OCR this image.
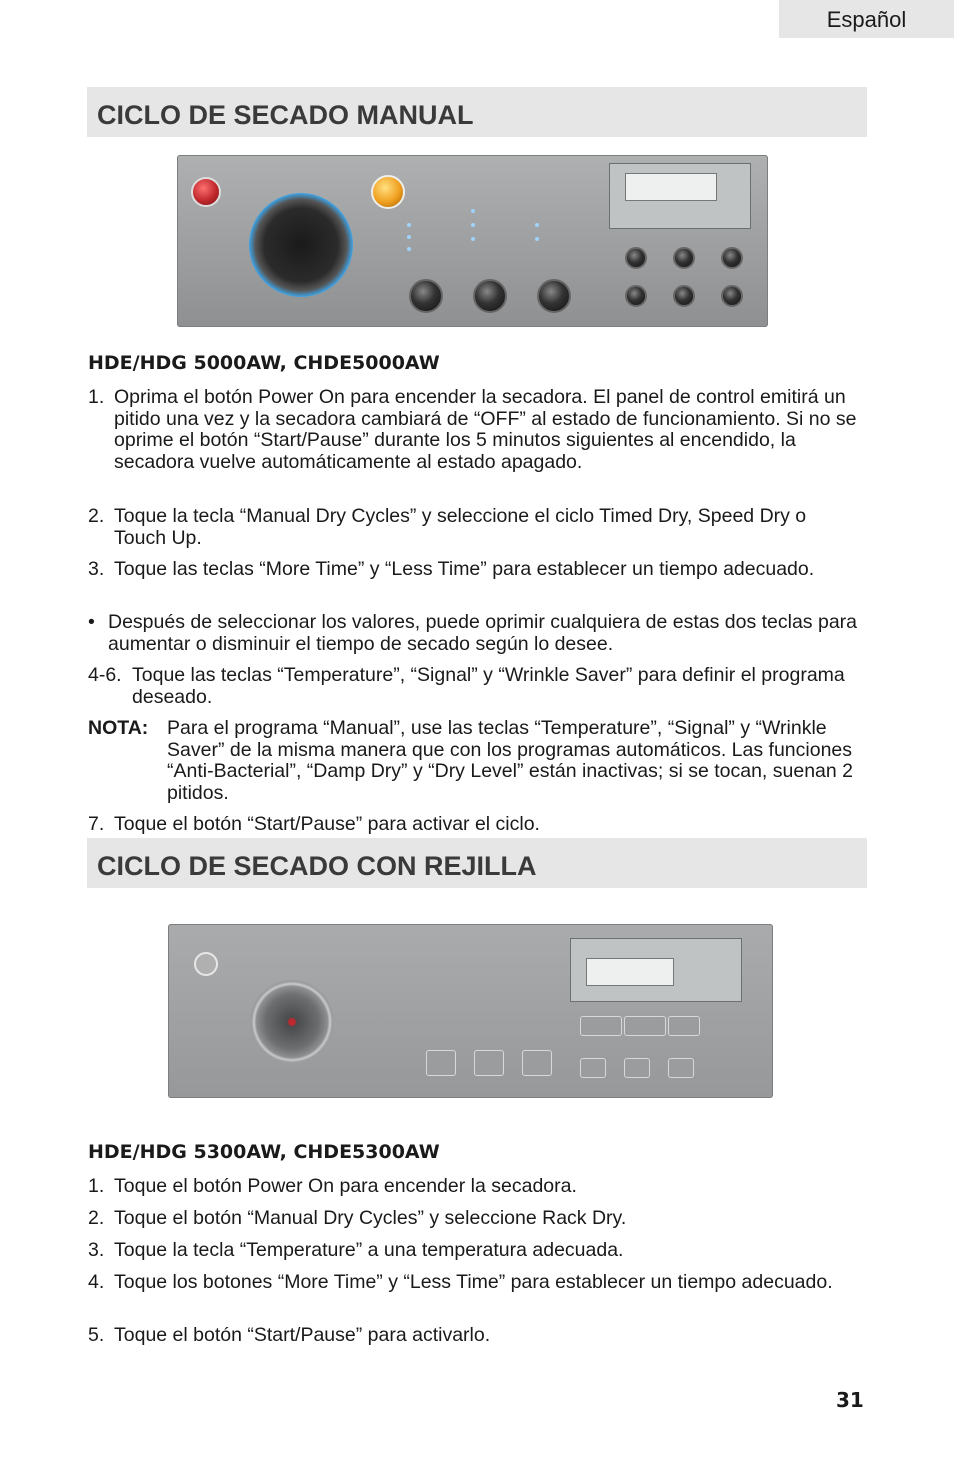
Español
CICLO DE SECADO MANUAL
HDE/HDG 5000AW, CHDE5000AW
1. Oprima el botón Power On para encender la secadora. El panel de control emitirá un pitido una vez y la secadora cambiará de “OFF” al estado de funcionamiento. Si no se oprime el botón “Start/Pause” durante los 5 minutos siguientes al encendido, la secadora vuelve automáticamente al estado apagado.
2. Toque la tecla “Manual Dry Cycles” y seleccione el ciclo Timed Dry, Speed Dry o Touch Up.
3. Toque las teclas “More Time” y “Less Time” para establecer un tiempo adecuado.
• Después de seleccionar los valores, puede oprimir cualquiera de estas dos teclas para aumentar o disminuir el tiempo de secado según lo desee.
4-6. Toque las teclas “Temperature”, “Signal” y “Wrinkle Saver” para definir el programa deseado.
NOTA: Para el programa “Manual”, use las teclas “Temperature”, “Signal” y “Wrinkle Saver” de la misma manera que con los programas automáticos. Las funciones “Anti-Bacterial”, “Damp Dry” y “Dry Level” están inactivas; si se tocan, suenan 2 pitidos.
7. Toque el botón “Start/Pause” para activar el ciclo.
CICLO DE SECADO CON REJILLA
HDE/HDG 5300AW, CHDE5300AW
1. Toque el botón Power On para encender la secadora.
2. Toque el botón “Manual Dry Cycles” y seleccione Rack Dry.
3. Toque la tecla “Temperature” a una temperatura adecuada.
4. Toque los botones “More Time” y “Less Time” para establecer un tiempo adecuado.
5. Toque el botón “Start/Pause” para activarlo.
31
